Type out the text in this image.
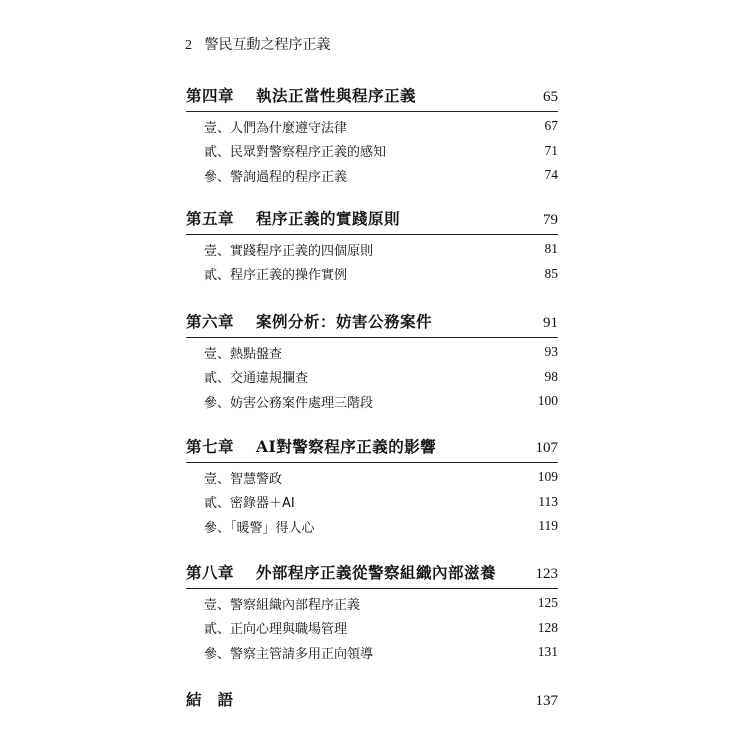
2 警民互動之程序正義
第四章 執法正當性與程序正義	65
壹、人們為什麼遵守法律	67
貳、民眾對警察程序正義的感知	71
參、警詢過程的程序正義	74
第五章 程序正義的實踐原則	79
壹、實踐程序正義的四個原則	81
貳、程序正義的操作實例	85
第六章 案例分析：妨害公務案件	91
壹、熱點盤查	93
貳、交通違規攔查	98
參、妨害公務案件處理三階段	100
第七章 AI對警察程序正義的影響	107
壹、智慧警政	109
貳、密錄器＋AI	113
參、「暖警」得人心	119
第八章 外部程序正義從警察組織內部滋養	123
壹、警察組織內部程序正義	125
貳、正向心理與職場管理	128
參、警察主管請多用正向領導	131
結語	137
